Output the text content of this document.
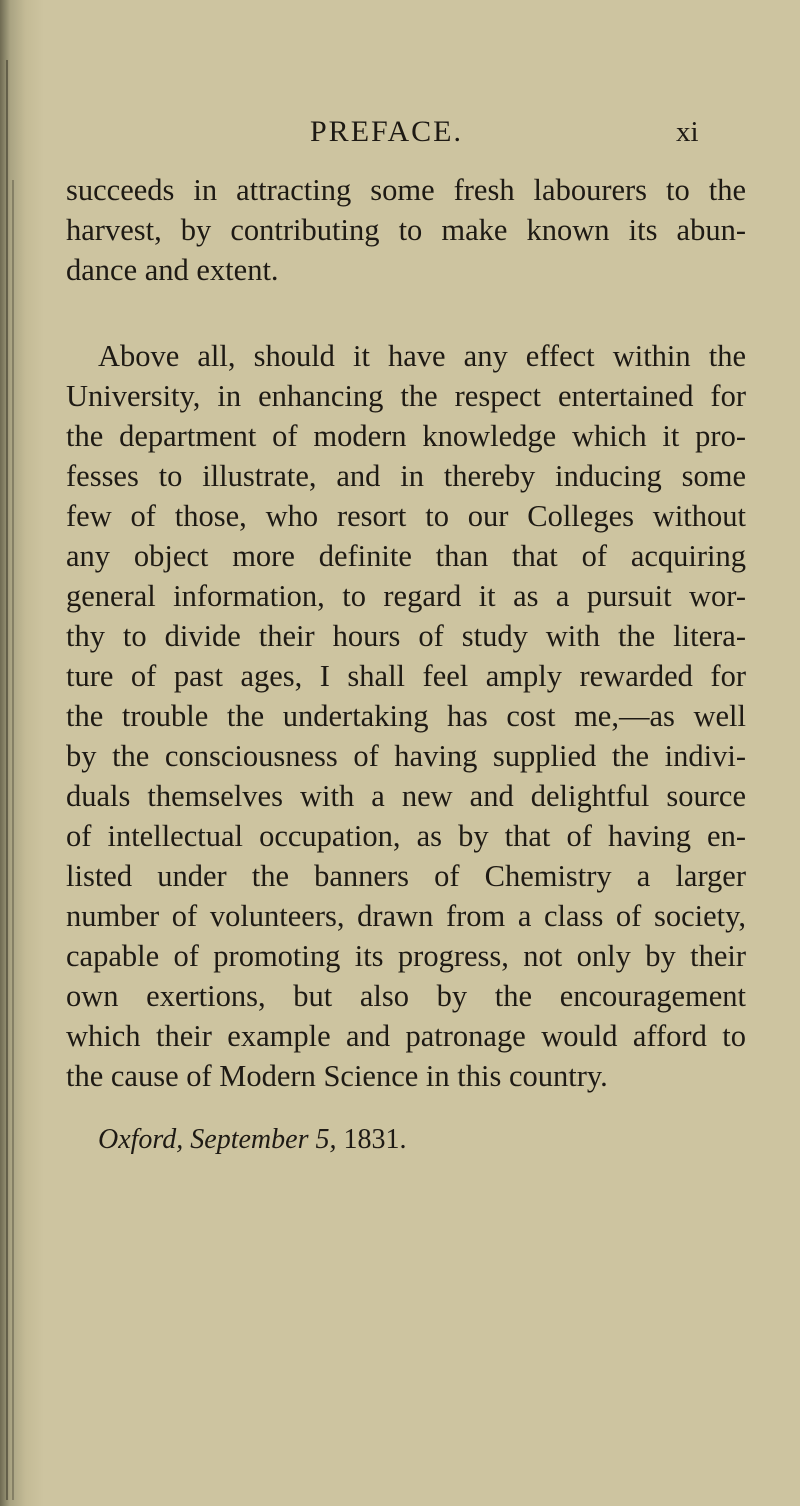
PREFACE.	xi
succeeds in attracting some fresh labourers to the
harvest, by contributing to make known its abun-
dance and extent.
Above all, should it have any effect within the
University, in enhancing the respect entertained for
the department of modern knowledge which it pro-
fesses to illustrate, and in thereby inducing some
few of those, who resort to our Colleges without
any object more definite than that of acquiring
general information, to regard it as a pursuit wor-
thy to divide their hours of study with the litera-
ture of past ages, I shall feel amply rewarded for
the trouble the undertaking has cost me,—as well
by the consciousness of having supplied the indivi-
duals themselves with a new and delightful source
of intellectual occupation, as by that of having en-
listed under the banners of Chemistry a larger
number of volunteers, drawn from a class of society,
capable of promoting its progress, not only by their
own exertions, but also by the encouragement
which their example and patronage would afford to
the cause of Modern Science in this country.
Oxford, September 5, 1831.
